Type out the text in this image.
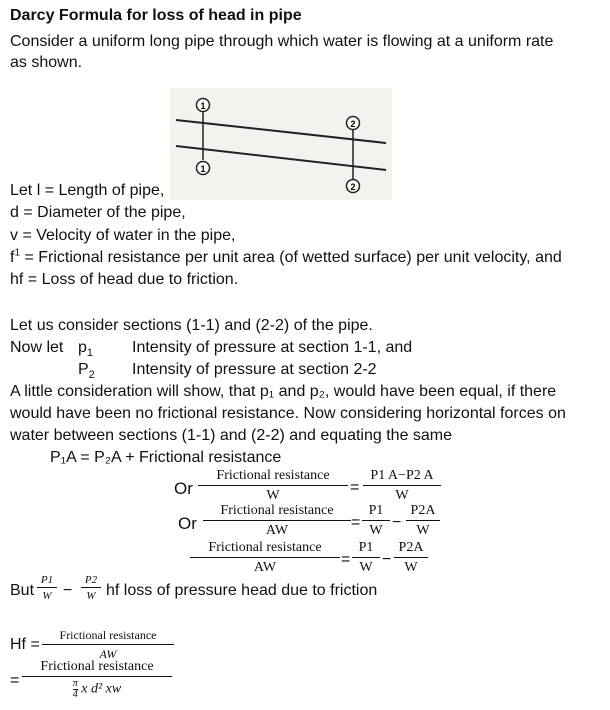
Darcy Formula for loss of head in pipe
Consider a uniform long pipe through which water is flowing at a uniform rate
as shown.
1
1
2
2
Let l = Length of pipe,
d = Diameter of the pipe,
v = Velocity of water in the pipe,
$f^1$ = Frictional resistance per unit area (of wetted surface) per unit velocity, and
hf = Loss of head due to friction.
Let us consider sections (1-1) and (2-2) of the pipe.
Now let $p_1$ Intensity of pressure at section 1-1, and
$P_2$ Intensity of pressure at section 2-2
A little consideration will show, that p₁ and p₂, would have been equal, if there
would have been no frictional resistance. Now considering horizontal forces on
water between sections (1-1) and (2-2) and equating the same
P₁A = P₂A + Frictional resistance
Or
Frictional resistance
W	= $\frac{P1 A-P2 A}{W}$
Or
Frictional resistance
AW	= $\frac{P1}{W} - \frac{P2A}{W}$
Frictional resistance
AW	= $\frac{P1}{W} - \frac{P2A}{W}$
But $\frac{P1}{W} - \frac{P2}{W}$ hf loss of pressure head due to friction
Hf =
Frictional resistance
AW
=
Frictional resistance
$\frac{\pi}{4}$ x d² xw
